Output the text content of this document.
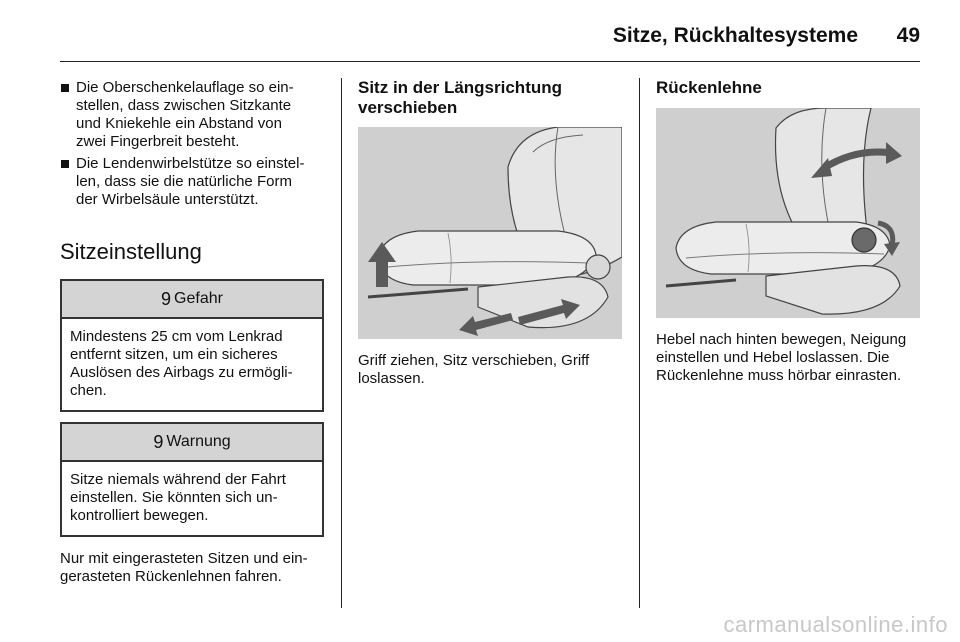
Sitze, Rückhaltesysteme 49
Die Oberschenkelauflage so ein-
stellen, dass zwischen Sitzkante
und Kniekehle ein Abstand von
zwei Fingerbreit besteht.
Die Lendenwirbelstütze so einstel-
len, dass sie die natürliche Form
der Wirbelsäule unterstützt.
Sitzeinstellung
9 Gefahr
Mindestens 25 cm vom Lenkrad
entfernt sitzen, um ein sicheres
Auslösen des Airbags zu ermögli-
chen.
9 Warnung
Sitze niemals während der Fahrt
einstellen. Sie könnten sich un-
kontrolliert bewegen.
Nur mit eingerasteten Sitzen und ein-
gerasteten Rückenlehnen fahren.
Sitz in der Längsrichtung
verschieben
Griff ziehen, Sitz verschieben, Griff
loslassen.
Rückenlehne
Hebel nach hinten bewegen, Neigung
einstellen und Hebel loslassen. Die
Rückenlehne muss hörbar einrasten.
carmanualsonline.info
